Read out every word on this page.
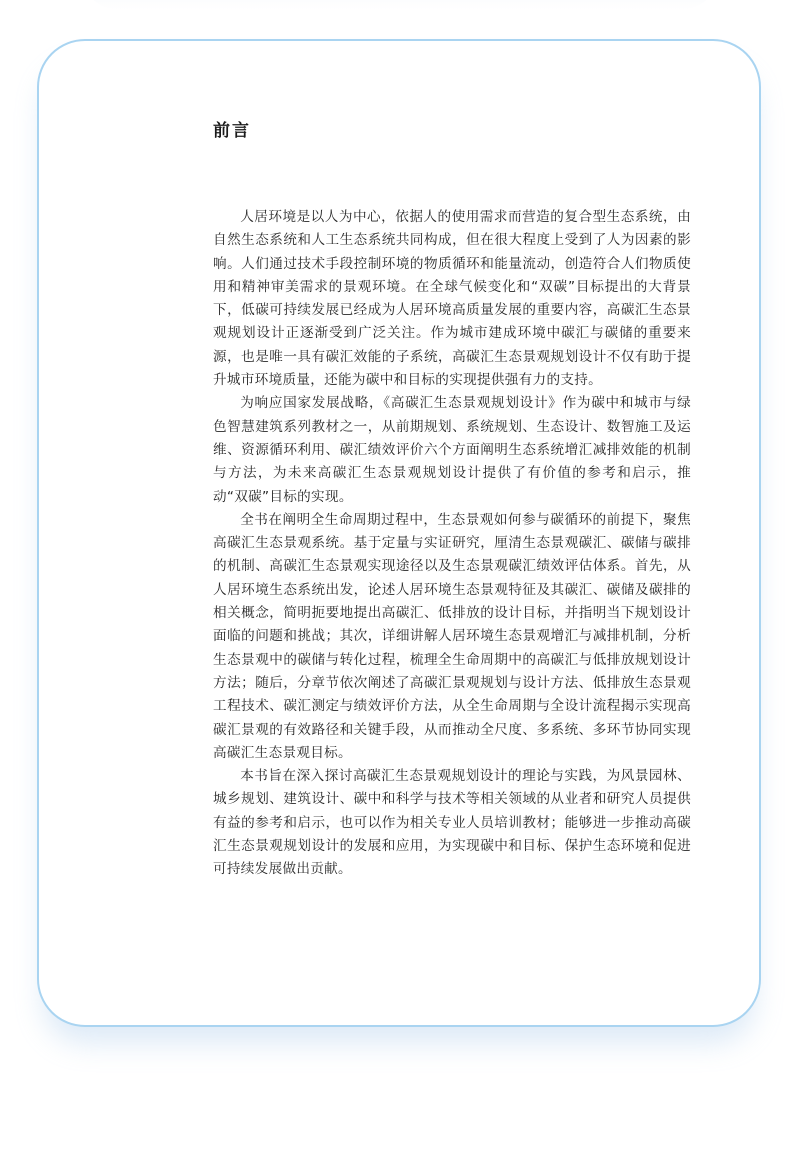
前言

人居环境是以人为中心，依据人的使用需求而营造的复合型生态系统，由自然生态系统和人工生态系统共同构成，但在很大程度上受到了人为因素的影响。人们通过技术手段控制环境的物质循环和能量流动，创造符合人们物质使用和精神审美需求的景观环境。在全球气候变化和“双碳”目标提出的大背景下，低碳可持续发展已经成为人居环境高质量发展的重要内容，高碳汇生态景观规划设计正逐渐受到广泛关注。作为城市建成环境中碳汇与碳储的重要来源，也是唯一具有碳汇效能的子系统，高碳汇生态景观规划设计不仅有助于提升城市环境质量，还能为碳中和目标的实现提供强有力的支持。

为响应国家发展战略，《高碳汇生态景观规划设计》作为碳中和城市与绿色智慧建筑系列教材之一，从前期规划、系统规划、生态设计、数智施工及运维、资源循环利用、碳汇绩效评价六个方面阐明生态系统增汇减排效能的机制与方法，为未来高碳汇生态景观规划设计提供了有价值的参考和启示，推动“双碳”目标的实现。

全书在阐明全生命周期过程中，生态景观如何参与碳循环的前提下，聚焦高碳汇生态景观系统。基于定量与实证研究，厘清生态景观碳汇、碳储与碳排的机制、高碳汇生态景观实现途径以及生态景观碳汇绩效评估体系。首先，从人居环境生态系统出发，论述人居环境生态景观特征及其碳汇、碳储及碳排的相关概念，简明扼要地提出高碳汇、低排放的设计目标，并指明当下规划设计面临的问题和挑战；其次，详细讲解人居环境生态景观增汇与减排机制，分析生态景观中的碳储与转化过程，梳理全生命周期中的高碳汇与低排放规划设计方法；随后，分章节依次阐述了高碳汇景观规划与设计方法、低排放生态景观工程技术、碳汇测定与绩效评价方法，从全生命周期与全设计流程揭示实现高碳汇景观的有效路径和关键手段，从而推动全尺度、多系统、多环节协同实现高碳汇生态景观目标。

本书旨在深入探讨高碳汇生态景观规划设计的理论与实践，为风景园林、城乡规划、建筑设计、碳中和科学与技术等相关领域的从业者和研究人员提供有益的参考和启示，也可以作为相关专业人员培训教材；能够进一步推动高碳汇生态景观规划设计的发展和应用，为实现碳中和目标、保护生态环境和促进可持续发展做出贡献。
